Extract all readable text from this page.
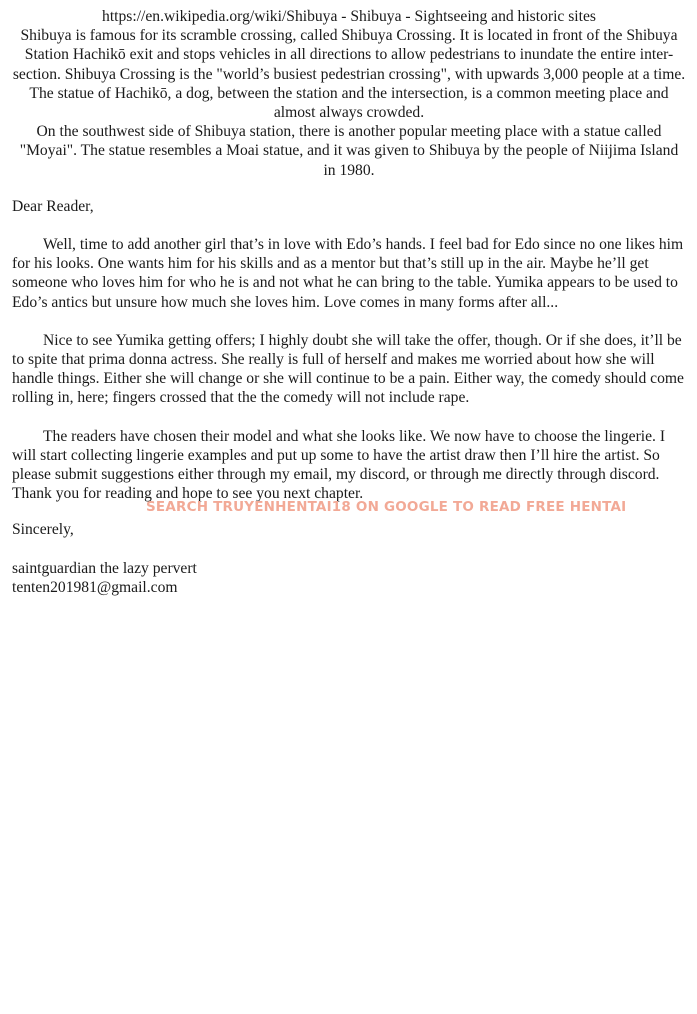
https://en.wikipedia.org/wiki/Shibuya - Shibuya - Sightseeing and historic sites

Shibuya is famous for its scramble crossing, called Shibuya Crossing. It is located in front of the Shibuya Station Hachikō exit and stops vehicles in all directions to allow pedestrians to inundate the entire inter-section. Shibuya Crossing is the "world’s busiest pedestrian crossing", with upwards 3,000 people at a time. The statue of Hachikō, a dog, between the station and the intersection, is a common meeting place and almost always crowded.

On the southwest side of Shibuya station, there is another popular meeting place with a statue called "Moyai". The statue resembles a Moai statue, and it was given to Shibuya by the people of Niijima Island in 1980.

Dear Reader,

Well, time to add another girl that’s in love with Edo’s hands. I feel bad for Edo since no one likes him for his looks. One wants him for his skills and as a mentor but that’s still up in the air. Maybe he’ll get someone who loves him for who he is and not what he can bring to the table. Yumika appears to be used to Edo’s antics but unsure how much she loves him. Love comes in many forms after all...

Nice to see Yumika getting offers; I highly doubt she will take the offer, though. Or if she does, it’ll be to spite that prima donna actress. She really is full of herself and makes me worried about how she will handle things. Either she will change or she will continue to be a pain. Either way, the comedy should come rolling in, here; fingers crossed that the the comedy will not include rape.

The readers have chosen their model and what she looks like. We now have to choose the lingerie. I will start collecting lingerie examples and put up some to have the artist draw then I’ll hire the artist. So please submit suggestions either through my email, my discord, or through me directly through discord. Thank you for reading and hope to see you next chapter.

Sincerely,

saintguardian the lazy pervert

tenten201981@gmail.com

SEARCH TRUYENHENTAI18 ON GOOGLE TO READ FREE HENTAI
